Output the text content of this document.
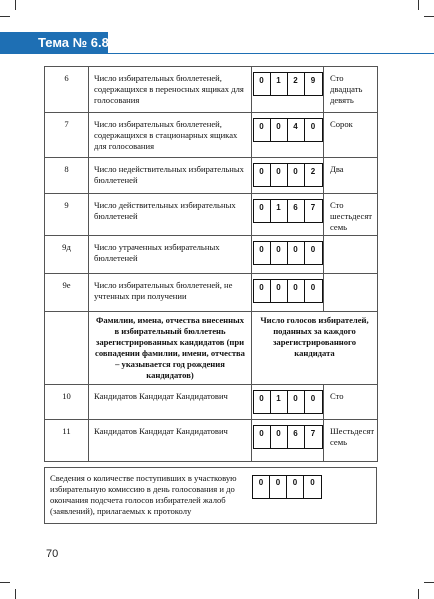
Тема № 6.8
6	Число избирательных бюллетеней, содержащихся в переносных ящиках для голосования	0 1 2 9	Сто двадцать девять
7	Число избирательных бюллетеней, содержащихся в стационарных ящиках для голосования	0 0 4 0	Сорок
8	Число недействительных избирательных бюллетеней	0 0 0 2	Два
9	Число действительных избирательных бюллетеней	0 1 6 7	Сто шестьдесят семь
9д	Число утраченных избирательных бюллетеней	0 0 0 0	

9е	Число избирательных бюллетеней, не учтенных при получении	0 0 0 0	

	Фамилии, имена, отчества внесенных в избирательный бюллетень зарегистрированных кандидатов (при совпадении фамилии, имени, отчества – указывается год рождения кандидатов)	Число голосов избирателей, поданных за каждого зарегистрированного кандидата	
10	Кандидатов Кандидат Кандидатович	0 1 0 0	Сто
11	Кандидатов Кандидат Кандидатович	0 0 6 7	Шестьдесят семь
Сведения о количестве поступивших в участковую избирательную комиссию в день голосования и до окончания подсчета голосов избирателей жалоб (заявлений), прилагаемых к протоколу
0	0	0	0
70
